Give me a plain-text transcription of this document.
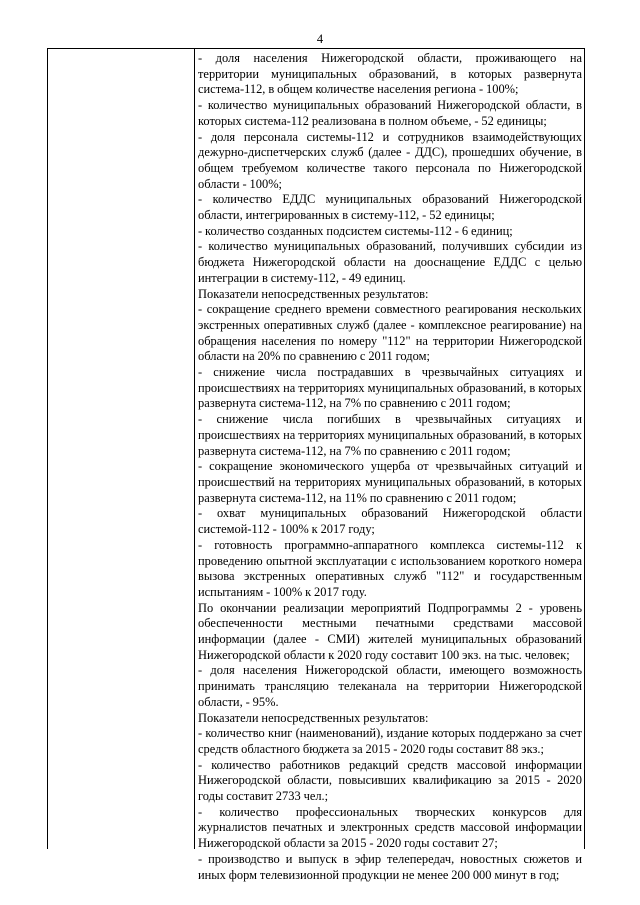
4

- доля населения Нижегородской области, проживающего на территории муниципальных образований, в которых развернута система-112, в общем количестве населения региона - 100%;

- количество муниципальных образований Нижегородской области, в которых система-112 реализована в полном объеме, - 52 единицы;

- доля персонала системы-112 и сотрудников взаимодействующих дежурно-диспетчерских служб (далее - ДДС), прошедших обучение, в общем требуемом количестве такого персонала по Нижегородской области - 100%;

- количество ЕДДС муниципальных образований Нижегородской области, интегрированных в систему-112, - 52 единицы;

- количество созданных подсистем системы-112 - 6 единиц;

- количество муниципальных образований, получивших субсидии из бюджета Нижегородской области на дооснащение ЕДДС с целью интеграции в систему-112, - 49 единиц.

Показатели непосредственных результатов:

- сокращение среднего времени совместного реагирования нескольких экстренных оперативных служб (далее - комплексное реагирование) на обращения населения по номеру "112" на территории Нижегородской области на 20% по сравнению с 2011 годом;

- снижение числа пострадавших в чрезвычайных ситуациях и происшествиях на территориях муниципальных образований, в которых развернута система-112, на 7% по сравнению с 2011 годом;

- снижение числа погибших в чрезвычайных ситуациях и происшествиях на территориях муниципальных образований, в которых развернута система-112, на 7% по сравнению с 2011 годом;

- сокращение экономического ущерба от чрезвычайных ситуаций и происшествий на территориях муниципальных образований, в которых развернута система-112, на 11% по сравнению с 2011 годом;

- охват муниципальных образований Нижегородской области системой-112 - 100% к 2017 году;

- готовность программно-аппаратного комплекса системы-112 к проведению опытной эксплуатации с использованием короткого номера вызова экстренных оперативных служб "112" и государственным испытаниям - 100% к 2017 году.

По окончании реализации мероприятий Подпрограммы 2 - уровень обеспеченности местными печатными средствами массовой информации (далее - СМИ) жителей муниципальных образований Нижегородской области к 2020 году составит 100 экз. на тыс. человек;

- доля населения Нижегородской области, имеющего возможность принимать трансляцию телеканала на территории Нижегородской области, - 95%.

Показатели непосредственных результатов:

- количество книг (наименований), издание которых поддержано за счет средств областного бюджета за 2015 - 2020 годы составит 88 экз.;

- количество работников редакций средств массовой информации Нижегородской области, повысивших квалификацию за 2015 - 2020 годы составит 2733 чел.;

- количество профессиональных творческих конкурсов для журналистов печатных и электронных средств массовой информации Нижегородской области за 2015 - 2020 годы составит 27;

- производство и выпуск в эфир телепередач, новостных сюжетов и иных форм телевизионной продукции не менее 200 000 минут в год;
